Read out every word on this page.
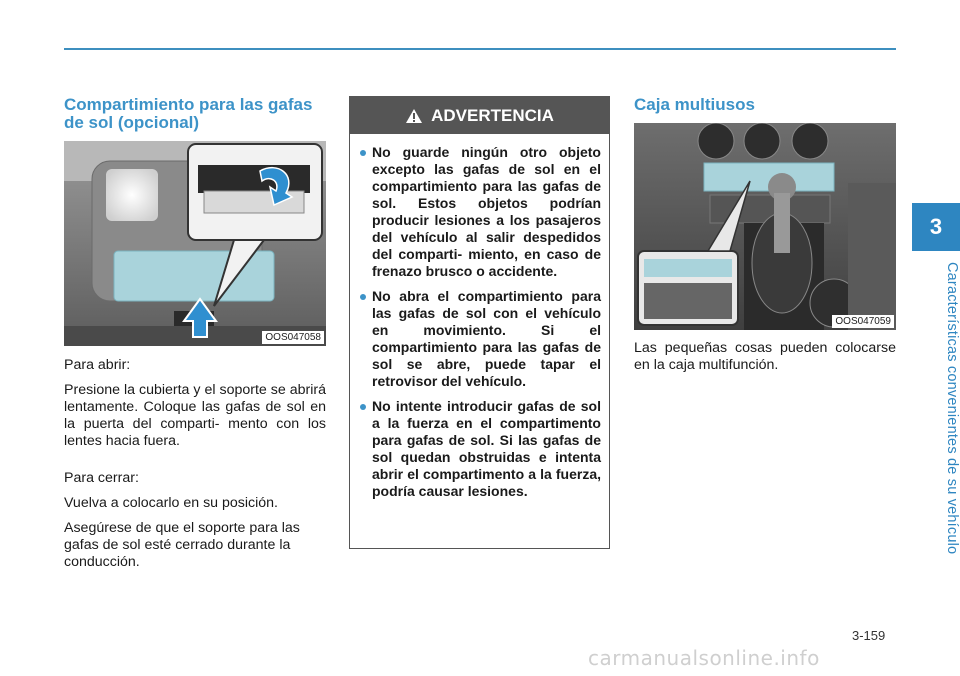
3
Características convenientes de su vehículo
Compartimiento para las gafas de sol (opcional)
OOS047058

Para abrir:

Presione la cubierta y el soporte se abrirá lentamente. Coloque las gafas de sol en la puerta del comparti- mento con los lentes hacia fuera.

Para cerrar:

Vuelva a colocarlo en su posición.

Asegúrese de que el soporte para las gafas de sol esté cerrado durante la conducción.

ADVERTENCIA
No guarde ningún otro objeto excepto las gafas de sol en el compartimiento para las gafas de sol. Estos objetos podrían producir lesiones a los pasajeros del vehículo al salir despedidos del comparti- miento, en caso de frenazo brusco o accidente.
No abra el compartimiento para las gafas de sol con el vehículo en movimiento. Si el compartimiento para las gafas de sol se abre, puede tapar el retrovisor del vehículo.
No intente introducir gafas de sol a la fuerza en el compartimento para gafas de sol. Si las gafas de sol quedan obstruidas e intenta abrir el compartimento a la fuerza, podría causar lesiones.
Caja multiusos
OOS047059

Las pequeñas cosas pueden colocarse en la caja multifunción.

3-159
carmanualsonline.info
